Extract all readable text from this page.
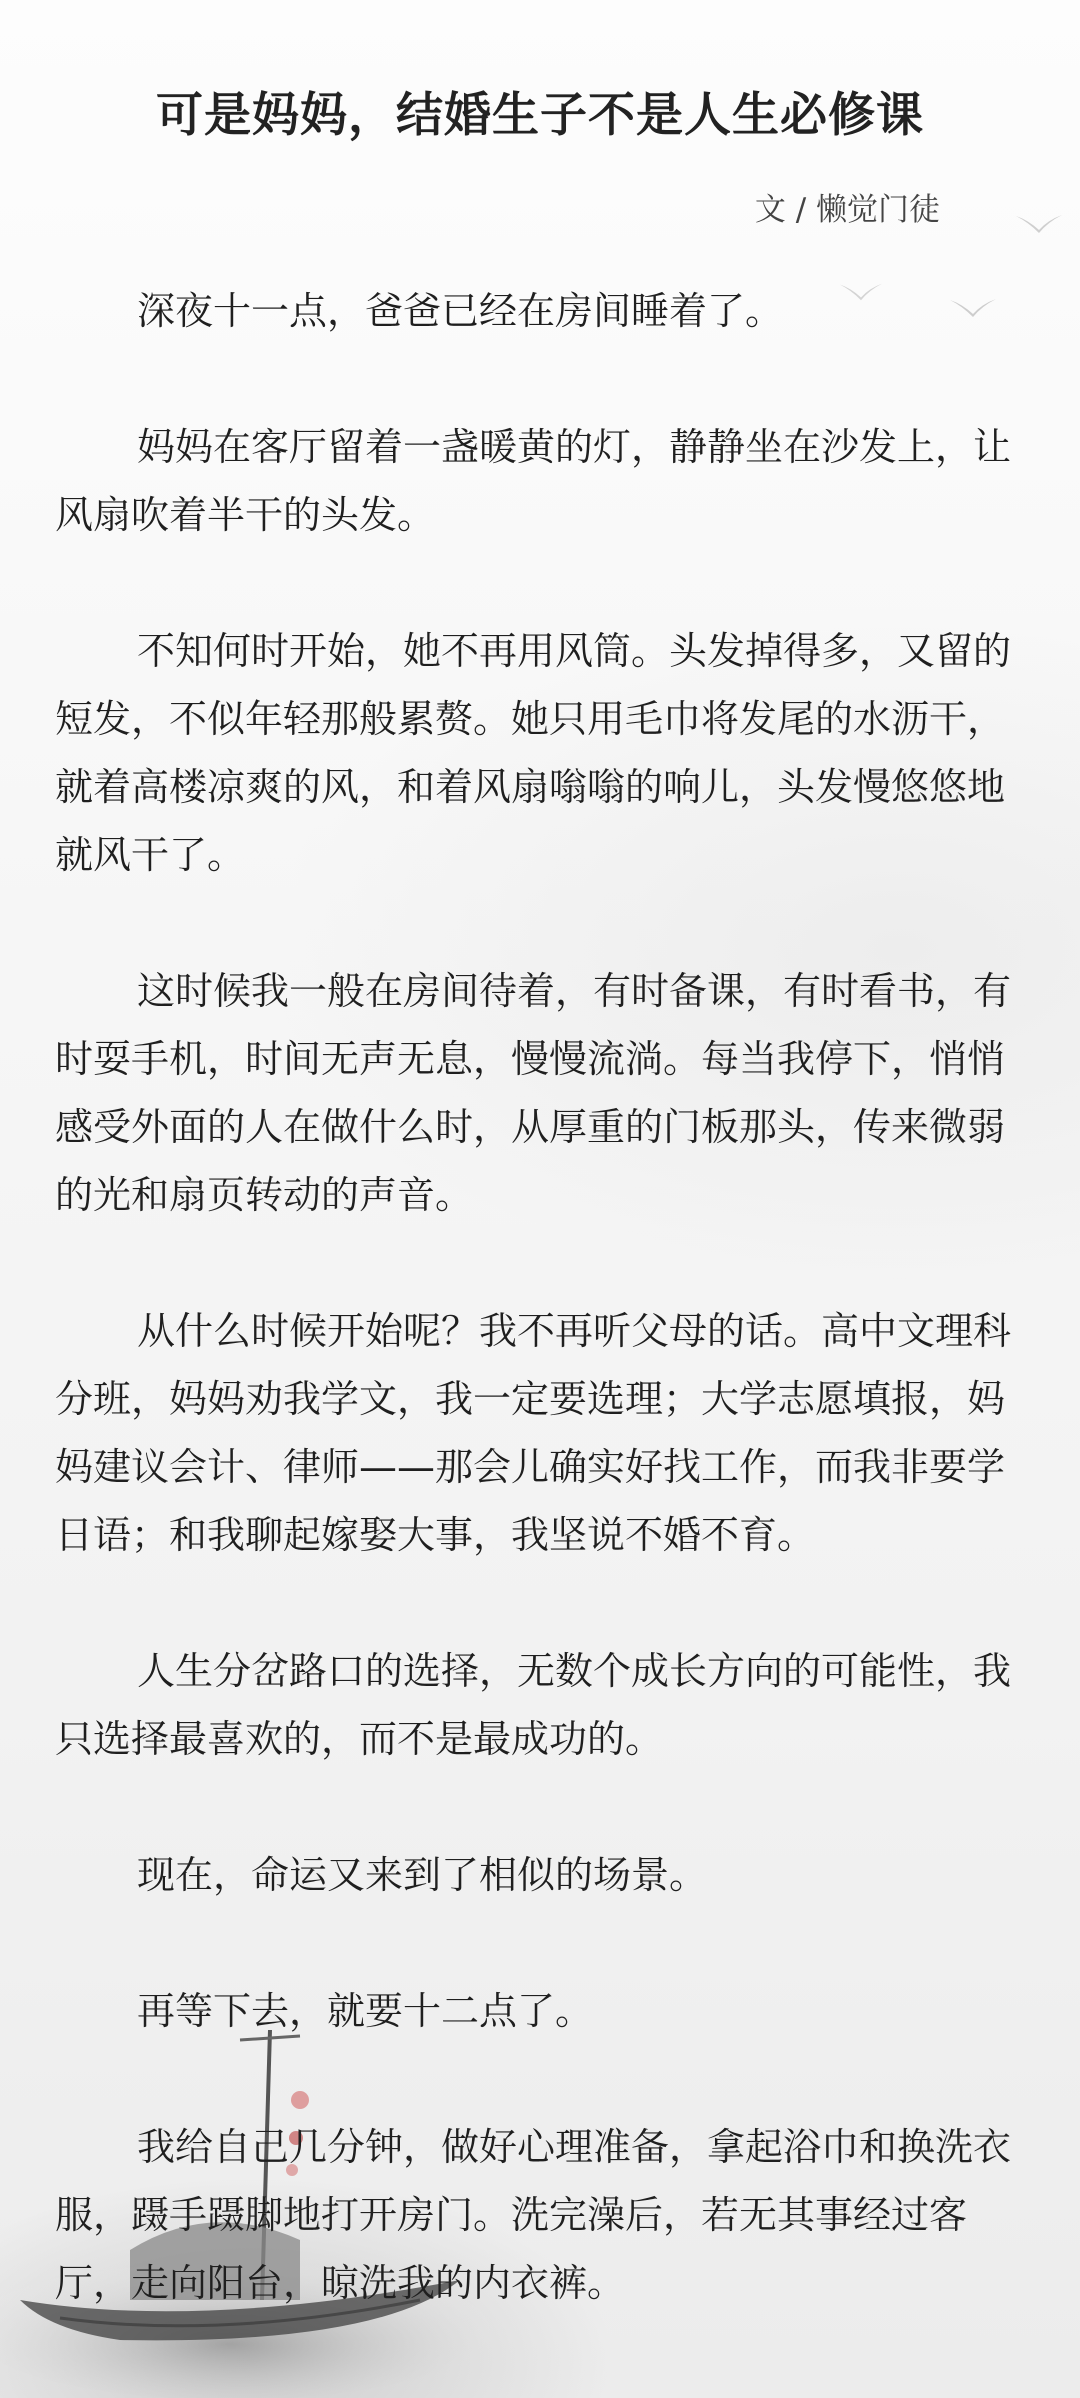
可是妈妈，结婚生子不是人生必修课
文 / 懒觉门徒

深夜十一点，爸爸已经在房间睡着了。

妈妈在客厅留着一盏暖黄的灯，静静坐在沙发上，让风扇吹着半干的头发。

不知何时开始，她不再用风筒。头发掉得多，又留的短发，不似年轻那般累赘。她只用毛巾将发尾的水沥干，就着高楼凉爽的风，和着风扇嗡嗡的响儿，头发慢悠悠地就风干了。

这时候我一般在房间待着，有时备课，有时看书，有时耍手机，时间无声无息，慢慢流淌。每当我停下，悄悄感受外面的人在做什么时，从厚重的门板那头，传来微弱的光和扇页转动的声音。

从什么时候开始呢？我不再听父母的话。高中文理科分班，妈妈劝我学文，我一定要选理；大学志愿填报，妈妈建议会计、律师——那会儿确实好找工作，而我非要学日语；和我聊起嫁娶大事，我坚说不婚不育。

人生分岔路口的选择，无数个成长方向的可能性，我只选择最喜欢的，而不是最成功的。

现在，命运又来到了相似的场景。

再等下去，就要十二点了。

我给自己几分钟，做好心理准备，拿起浴巾和换洗衣服，蹑手蹑脚地打开房门。洗完澡后，若无其事经过客厅，走向阳台，晾洗我的内衣裤。
